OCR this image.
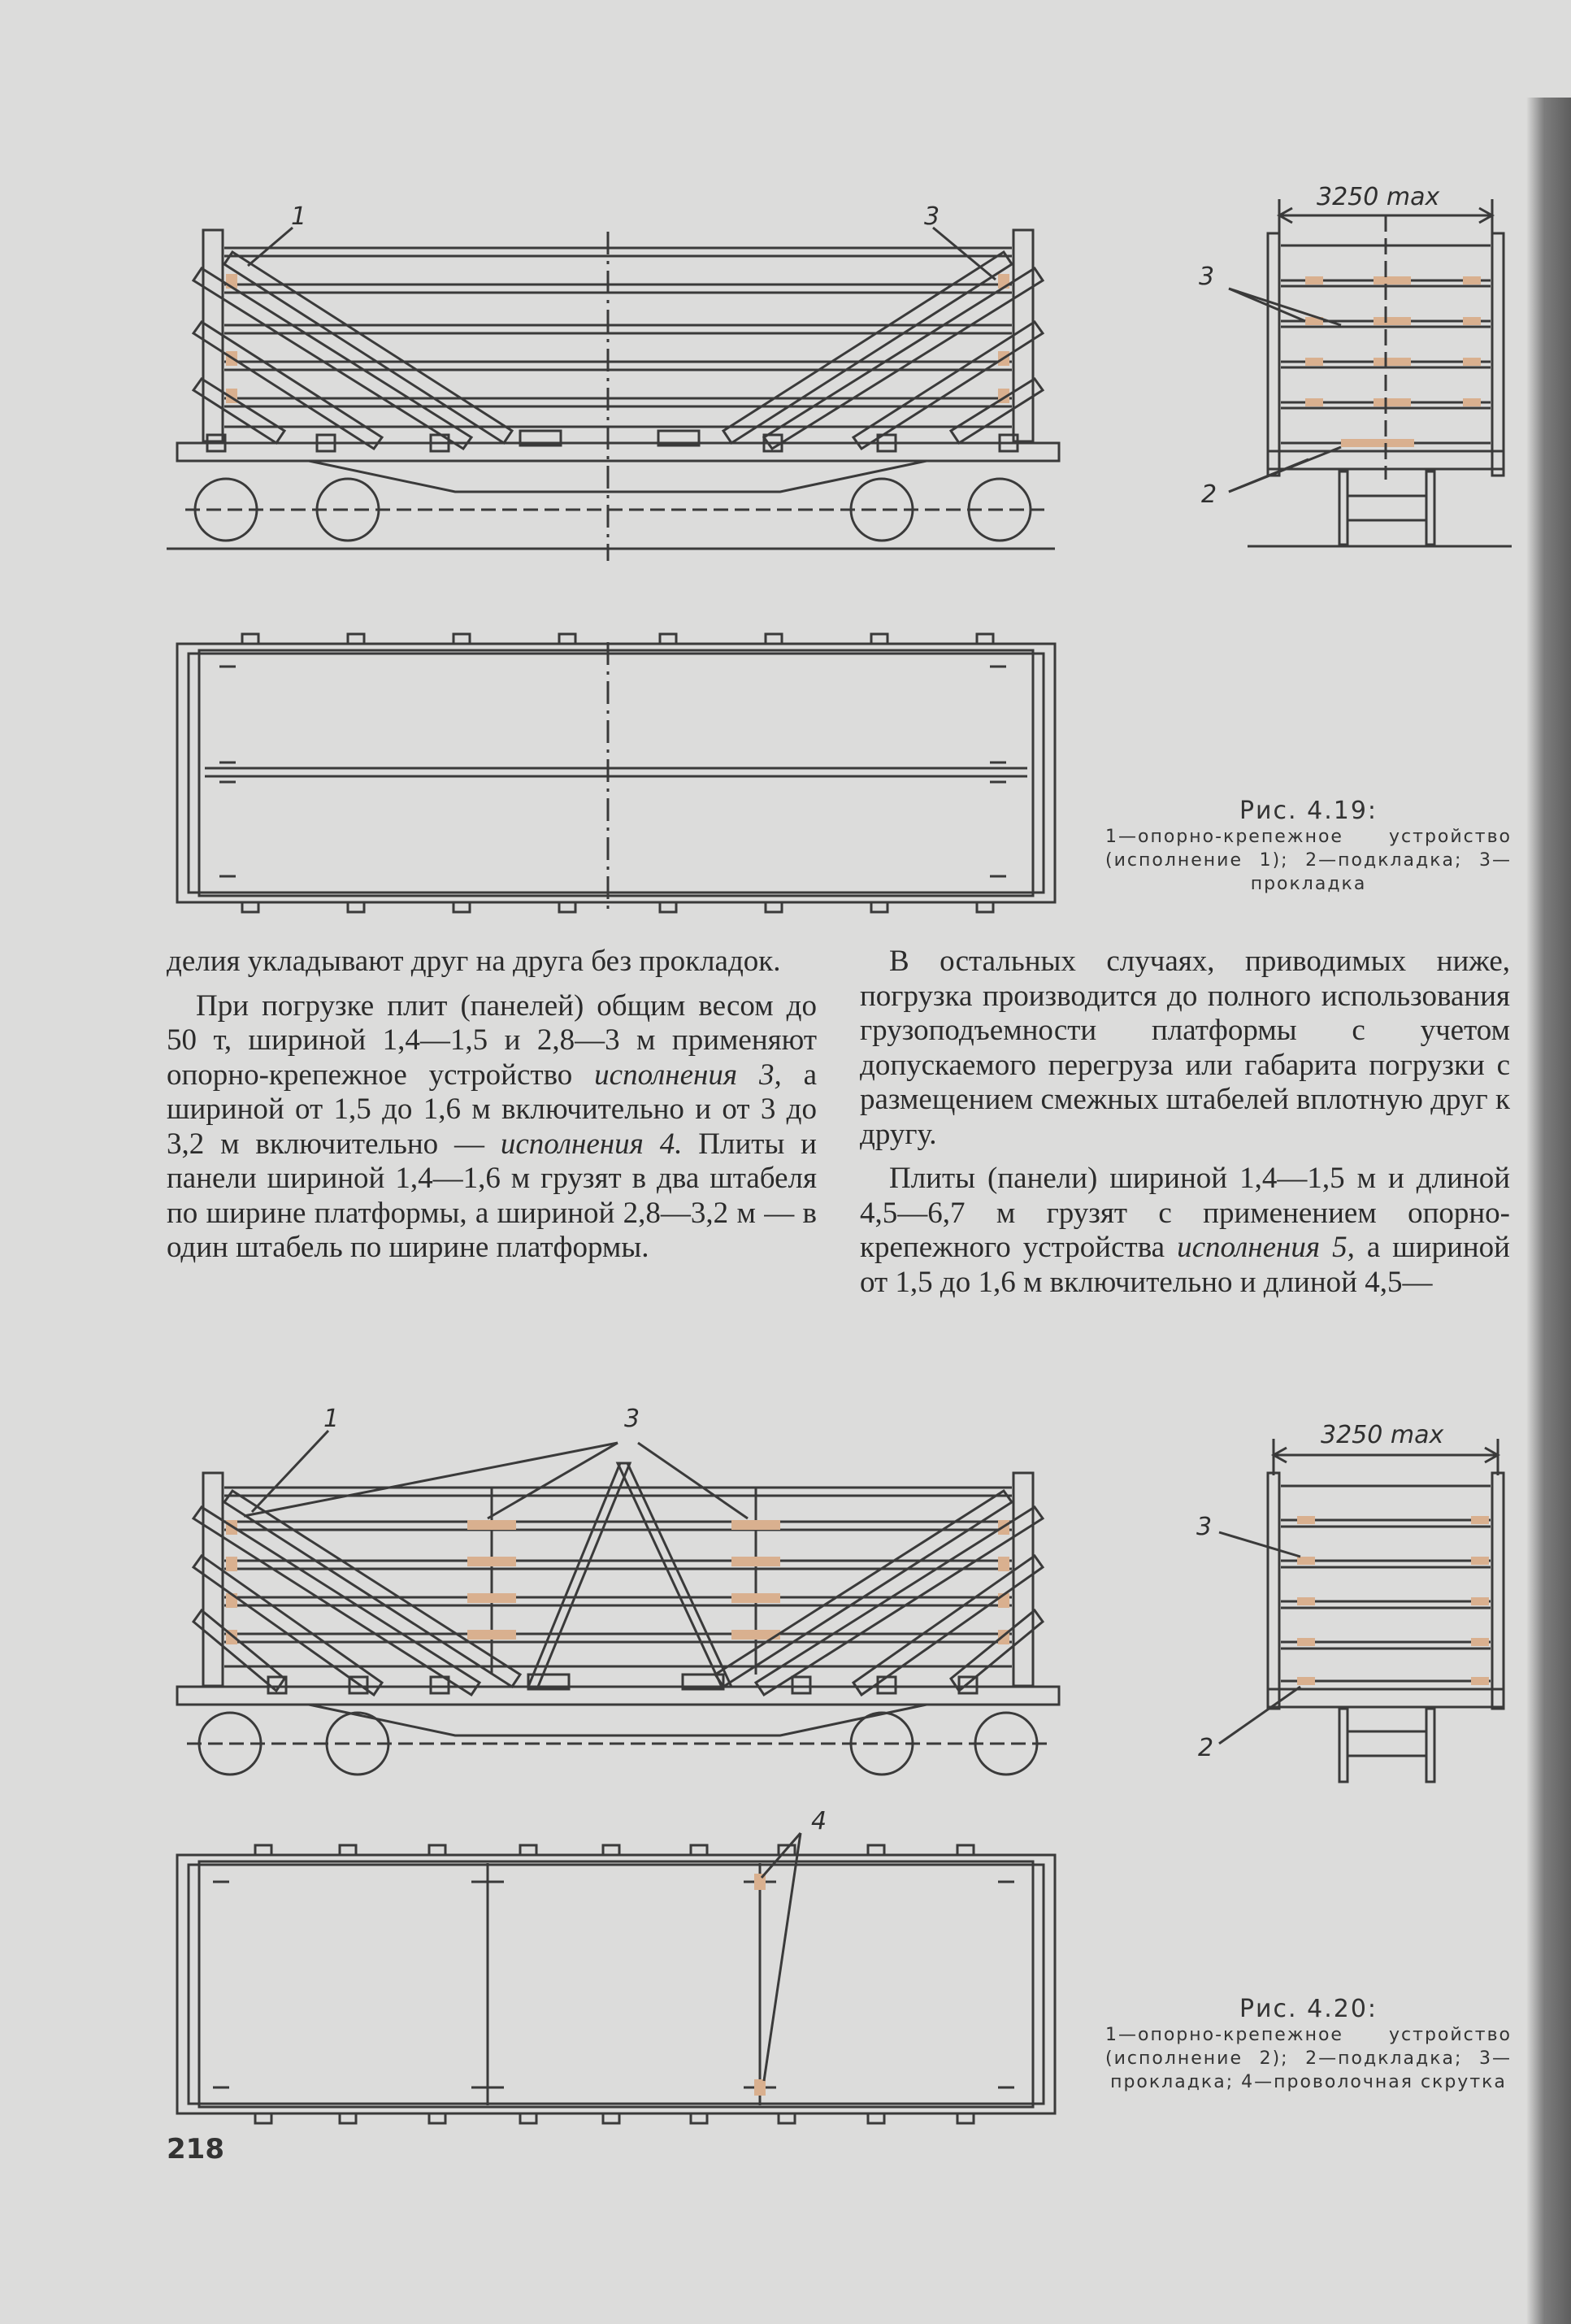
1	3
3250 max
3
2
Рис. 4.19:
1—опорно-крепежное устройство (исполнение 1); 2—подкладка; 3—прокладка

делия укладывают друг на друга без прокладок.

При погрузке плит (панелей) общим весом до 50 т, шириной 1,4—1,5 и 2,8—3 м применяют опорно-крепежное устройство исполнения 3, а шириной от 1,5 до 1,6 м включительно и от 3 до 3,2 м включительно — исполнения 4. Плиты и панели шириной 1,4—1,6 м грузят в два штабеля по ширине платформы, а шириной 2,8—3,2 м — в один штабель по ширине платформы.

В остальных случаях, приводимых ниже, погрузка производится до полного использования грузоподъемности платформы с учетом допускаемого перегруза или габарита погрузки с размещением смежных штабелей вплотную друг к другу.

Плиты (панели) шириной 1,4—1,5 м и длиной 4,5—6,7 м грузят с применением опорно-крепежного устройства исполнения 5, а шириной от 1,5 до 1,6 м включительно и длиной 4,5—

1	3
4
3250 max
3
2
Рис. 4.20:
1—опорно-крепежное устройство (исполнение 2); 2—подкладка; 3—прокладка; 4—проволочная скрутка
218
